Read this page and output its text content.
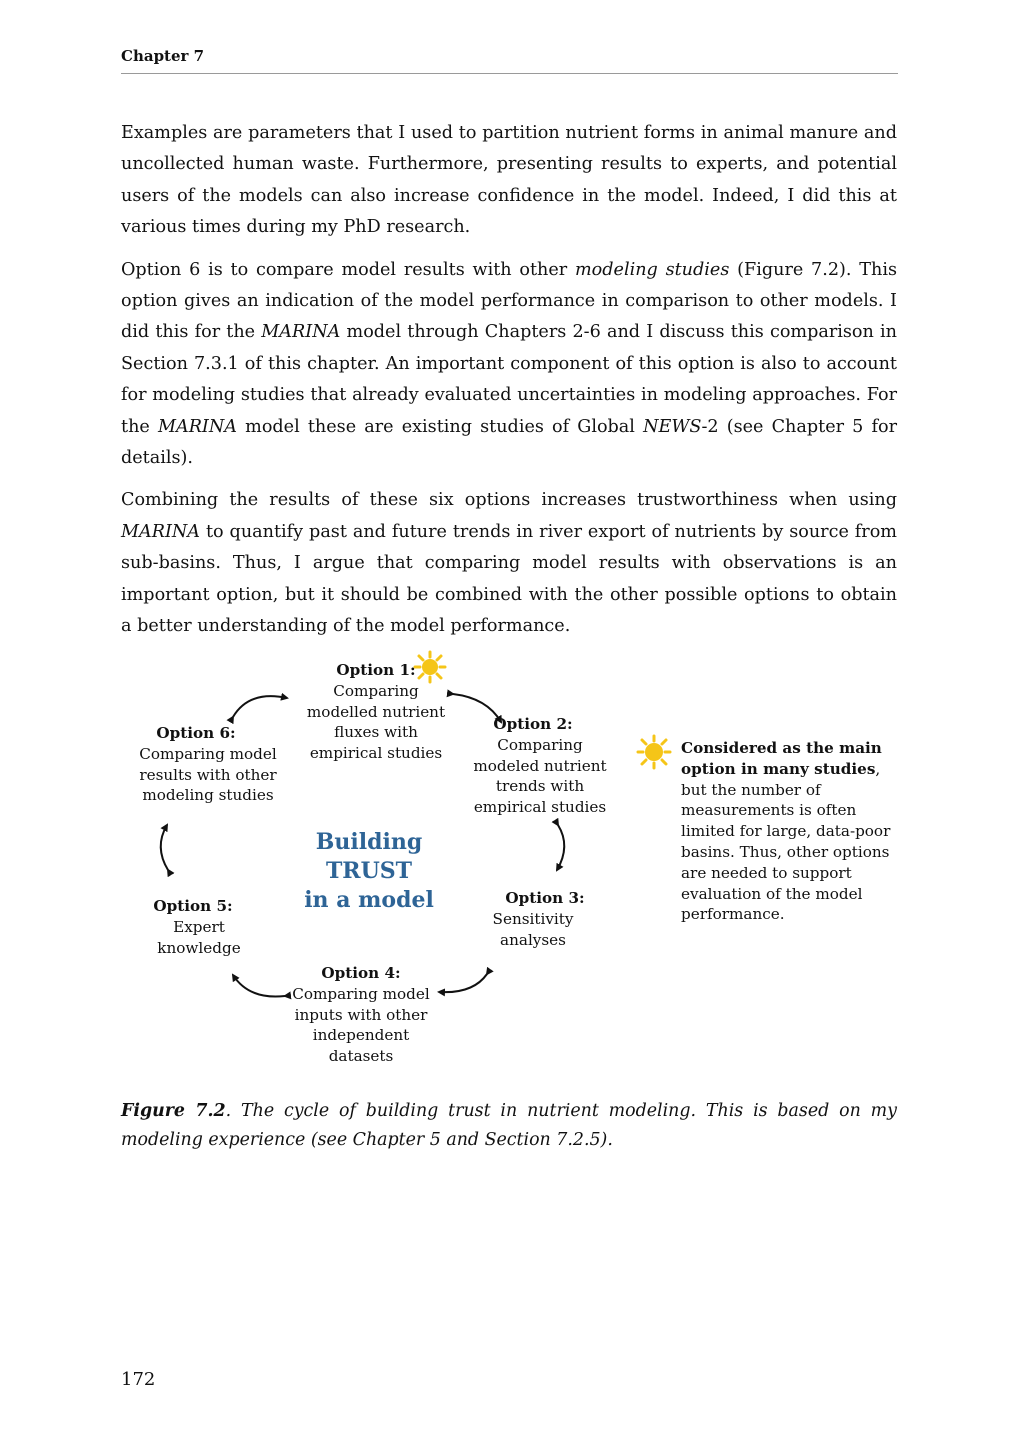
Chapter 7

Examples are parameters that I used to partition nutrient forms in animal manure and uncollected human waste. Furthermore, presenting results to experts, and potential users of the models can also increase confidence in the model. Indeed, I did this at various times during my PhD research.

Option 6 is to compare model results with other modeling studies (Figure 7.2). This option gives an indication of the model performance in comparison to other models. I did this for the MARINA model through Chapters 2-6 and I discuss this comparison in Section 7.3.1 of this chapter. An important component of this option is also to account for modeling studies that already evaluated uncertainties in modeling approaches. For the MARINA model these are existing studies of Global NEWS-2 (see Chapter 5 for details).

Combining the results of these six options increases trustworthiness when using MARINA to quantify past and future trends in river export of nutrients by source from sub-basins. Thus, I argue that comparing model results with observations is an important option, but it should be combined with the other possible options to obtain a better understanding of the model performance.

Option 1:
Comparing
modelled nutrient
fluxes with
empirical studies
Option 2:
Comparing
modeled nutrient
trends with
empirical studies
Option 3:
Sensitivity
analyses
Option 4:
Comparing model
inputs with other
independent
datasets
Option 5:
Expert
knowledge
Option 6:
Comparing model
results with other
modeling studies
Building TRUST
in a model
Considered as the main
option in many studies,
but the number of
measurements is often
limited for large, data-poor
basins. Thus, other options
are needed to support
evaluation of the model
performance.
Figure 7.2. The cycle of building trust in nutrient modeling. This is based on my modeling experience (see Chapter 5 and Section 7.2.5).
172
